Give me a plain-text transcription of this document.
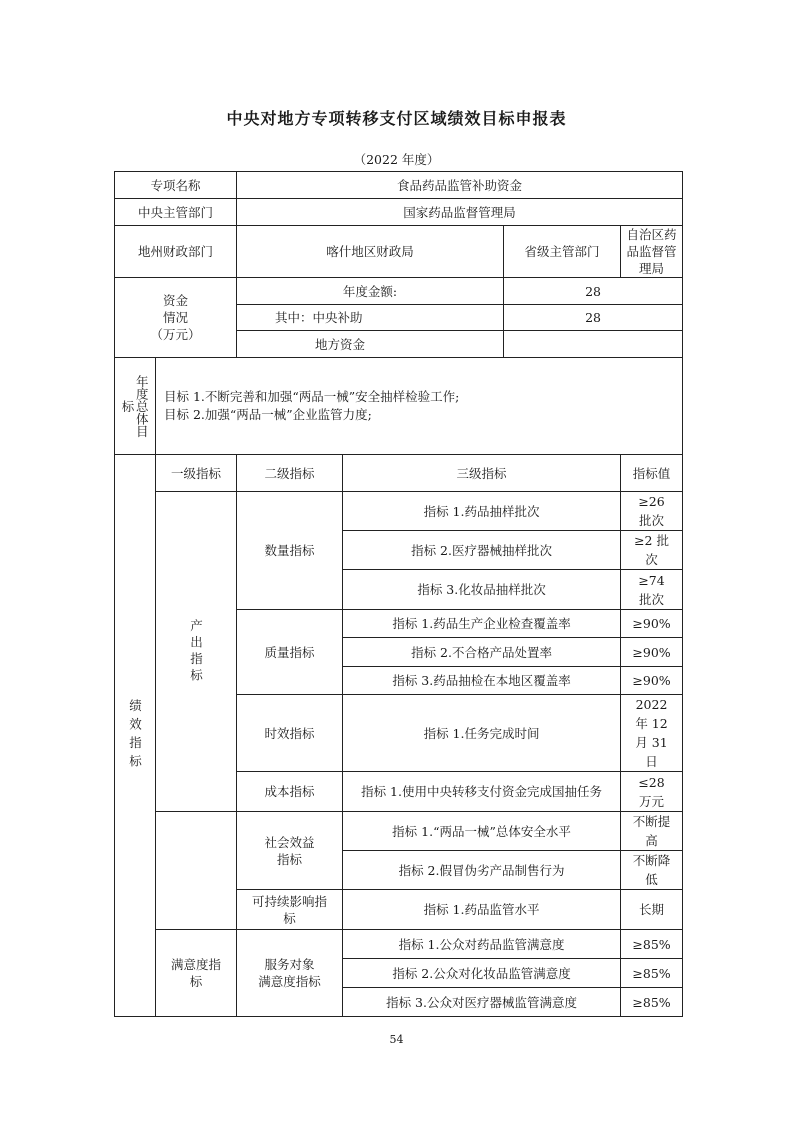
中央对地方专项转移支付区域绩效目标申报表
（2022 年度）
专项名称		食品药品监管补助资金			
中央主管部门		国家药品监督管理局			
地州财政部门		喀什地区财政局		省级主管部门	自治区药品监督管理局

资金
情况
（万元）		年度金额:		28	
		其中：中央补助		28	
		地方资金			

标 年度总体目	目标 1.不断完善和加强“两品一械”安全抽样检验工作;
目标 2.加强“两品一械”企业监管力度;				

绩效指标	一级指标	二级指标	三级指标		指标值
	产出指标	数量指标	指标 1.药品抽样批次		≥26
批次

			指标 2.医疗器械抽样批次		≥2 批
次

			指标 3.化妆品抽样批次		≥74
批次

		质量指标	指标 1.药品生产企业检查覆盖率		≥90%
			指标 2.不合格产品处置率		≥90%
			指标 3.药品抽检在本地区覆盖率		≥90%
		时效指标	指标 1.任务完成时间		2022
年 12
月 31
日

		成本指标	指标 1.使用中央转移支付资金完成国抽任务		≤28
万元

		社会效益
指标	指标 1.“两品一械”总体安全水平		不断提
高

			指标 2.假冒伪劣产品制售行为		不断降
低

		可持续影响指
标	指标 1.药品监管水平		长期

	满意度指
标	服务对象
满意度指标	指标 1.公众对药品监管满意度		≥85%
			指标 2.公众对化妆品监管满意度		≥85%
			指标 3.公众对医疗器械监管满意度		≥85%
54
